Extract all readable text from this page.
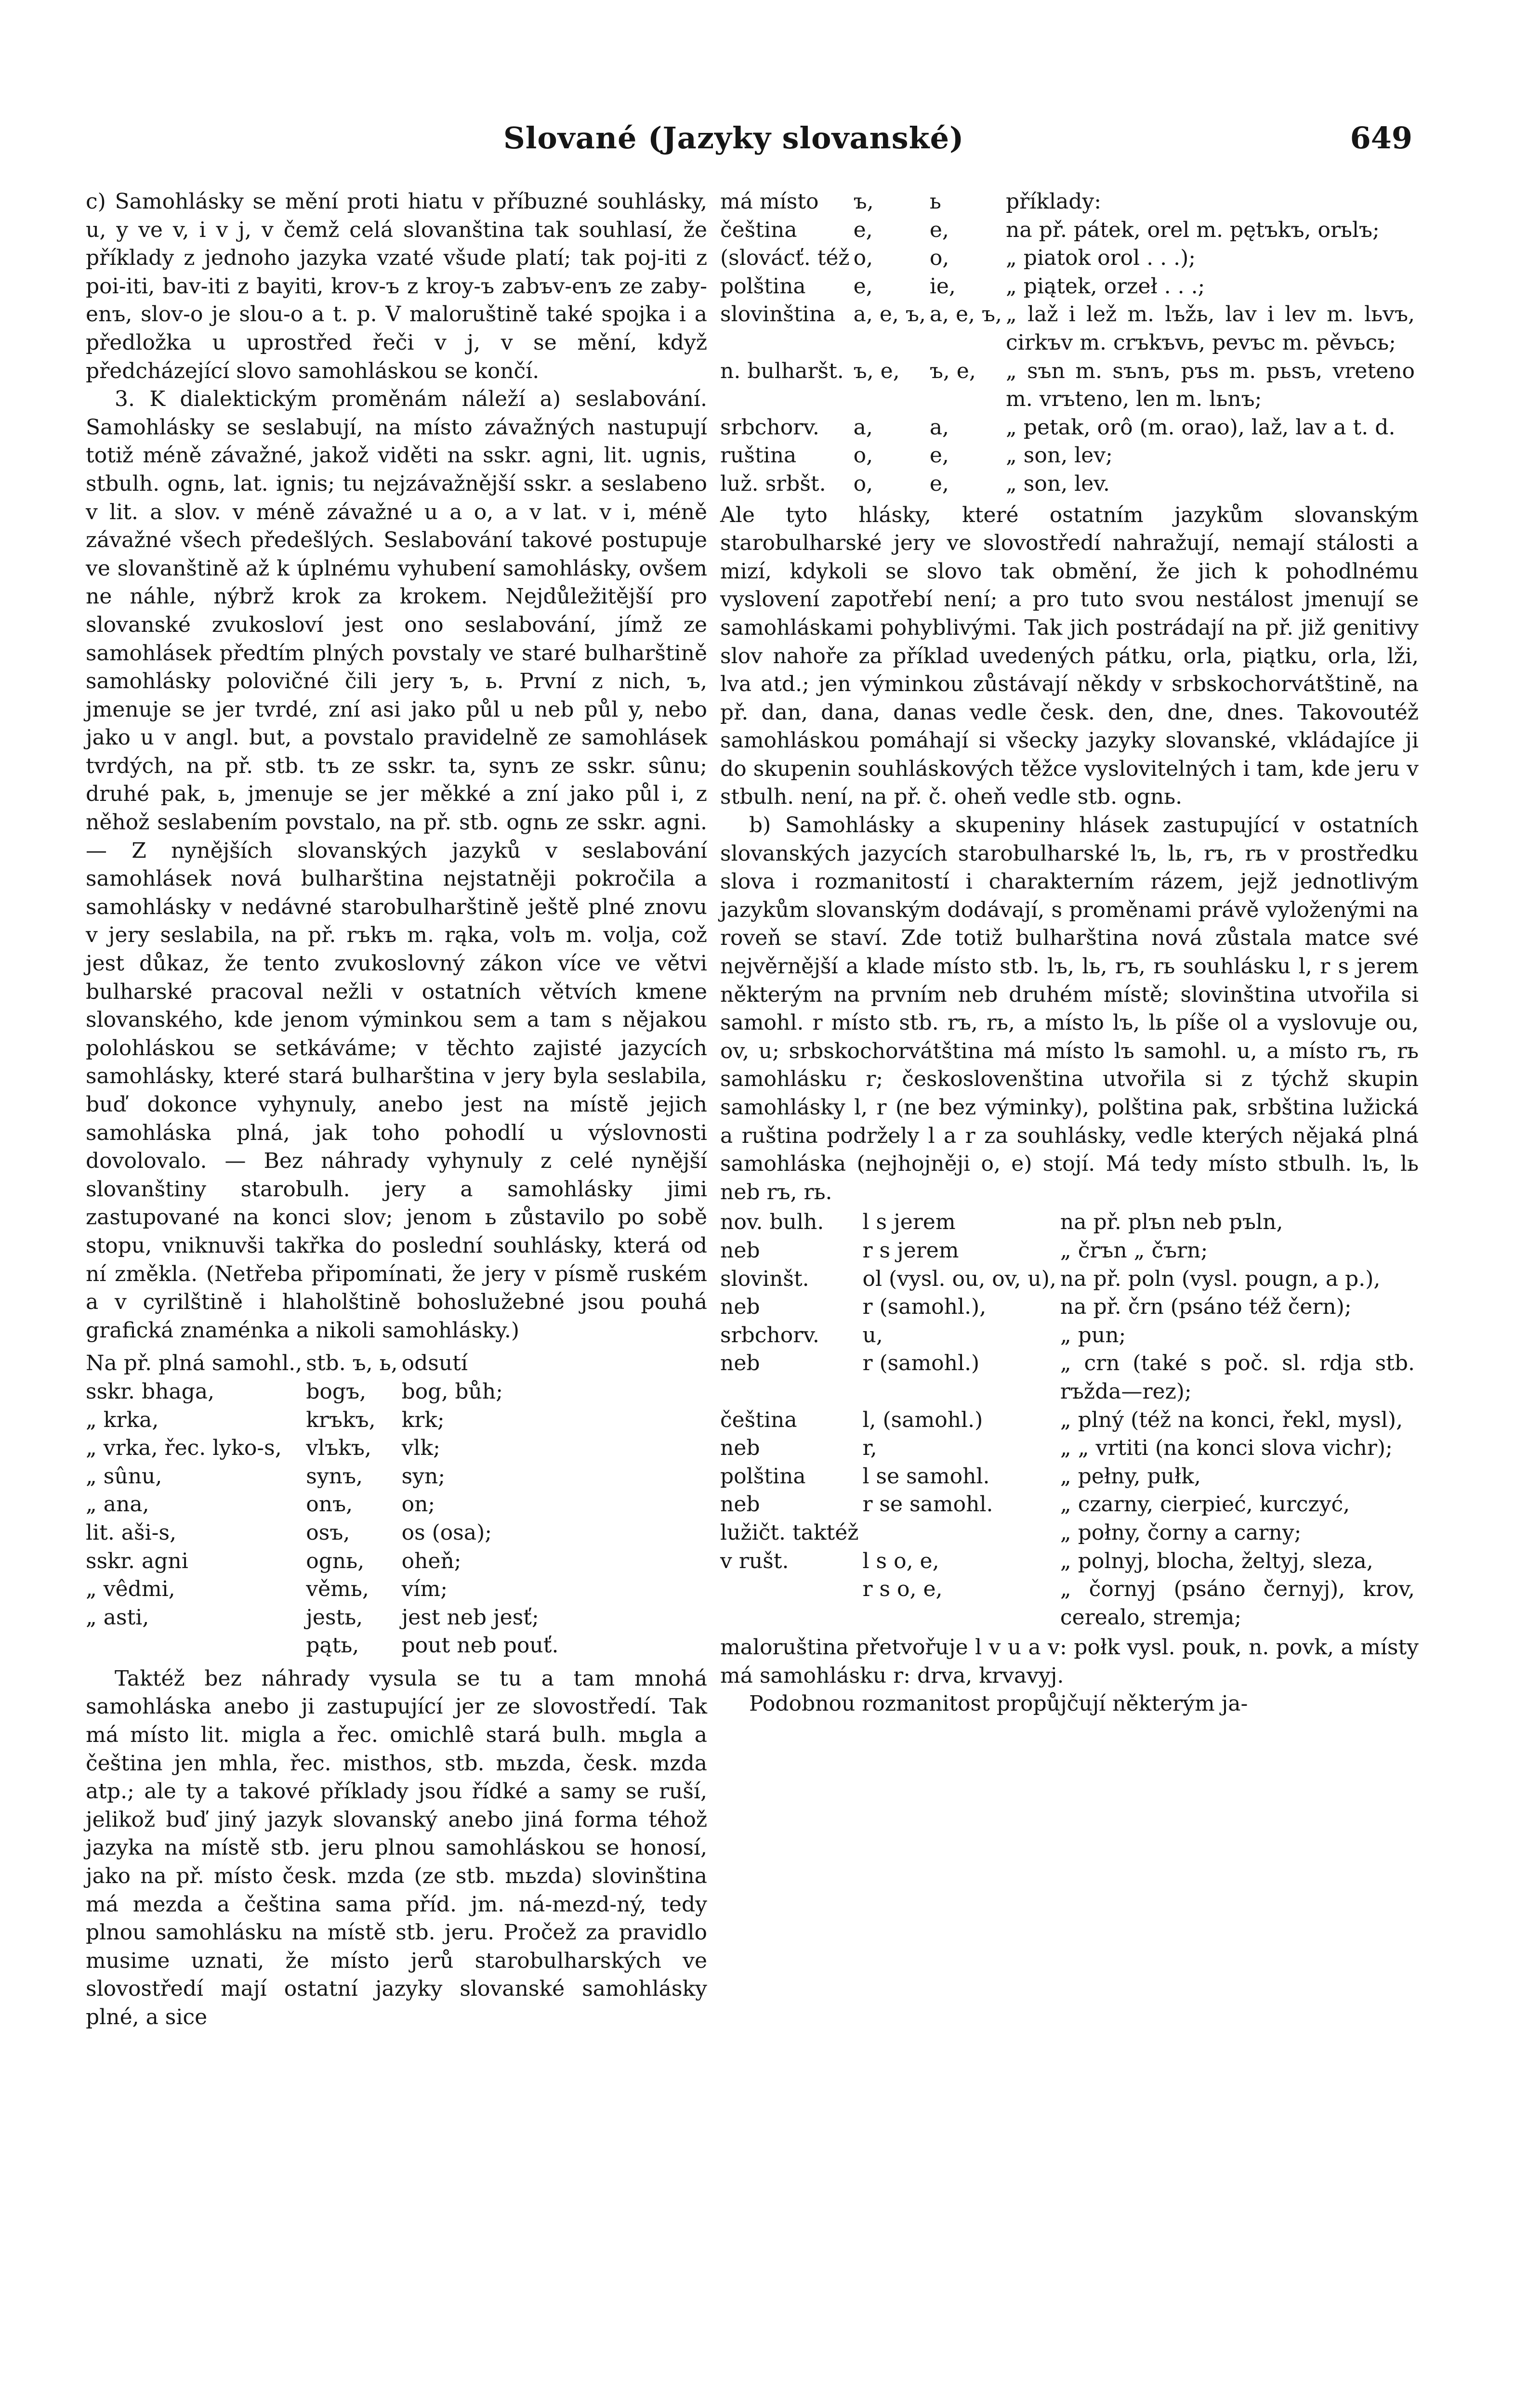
Slované (Jazyky slovanské)	649

c) Samohlásky se mění proti hiatu v příbuzné souhlásky, u, y ve v, i v j, v čemž celá slovanština tak souhlasí, že příklady z jednoho jazyka vzaté všude platí; tak poj-iti z poi-iti, bav-iti z bayiti, krov-ъ z kroy-ъ zabъv-enъ ze zaby-enъ, slov-o je slou-o a t. p. V maloruštině také spojka i a předložka u uprostřed řeči v j, v se mění, když předcházející slovo samohláskou se končí.

3. K dialektickým proměnám náleží a) seslabování. Samohlásky se seslabují, na místo závažných nastupují totiž méně závažné, jakož viděti na sskr. agni, lit. ugnis, stbulh. ognь, lat. ignis; tu nejzávažnější sskr. a seslabeno v lit. a slov. v méně závažné u a o, a v lat. v i, méně závažné všech předešlých. Seslabování takové postupuje ve slovanštině až k úplnému vyhubení samohlásky, ovšem ne náhle, nýbrž krok za krokem. Nejdůležitější pro slovanské zvukosloví jest ono seslabování, jímž ze samohlásek předtím plných povstaly ve staré bulharštině samohlásky polovičné čili jery ъ, ь. První z nich, ъ, jmenuje se jer tvrdé, zní asi jako půl u neb půl y, nebo jako u v angl. but, a povstalo pravidelně ze samohlásek tvrdých, na př. stb. tъ ze sskr. ta, synъ ze sskr. sûnu; druhé pak, ь, jmenuje se jer měkké a zní jako půl i, z něhož seslabením povstalo, na př. stb. ognь ze sskr. agni. — Z nynějších slovanských jazyků v seslabování samohlásek nová bulharština nejstatněji pokročila a samohlásky v nedávné starobulharštině ještě plné znovu v jery seslabila, na př. rъkъ m. rąka, volъ m. volja, což jest důkaz, že tento zvukoslovný zákon více ve větvi bulharské pracoval nežli v ostatních větvích kmene slovanského, kde jenom výminkou sem a tam s nějakou polohláskou se setkáváme; v těchto zajisté jazycích samohlásky, které stará bulharština v jery byla seslabila, buď dokonce vyhynuly, anebo jest na místě jejich samohláska plná, jak toho pohodlí u výslovnosti dovolovalo. — Bez náhrady vyhynuly z celé nynější slovanštiny starobulh. jery a samohlásky jimi zastupované na konci slov; jenom ь zůstavilo po sobě stopu, vniknuvši takřka do poslední souhlásky, která od ní změkla. (Netřeba připomínati, že jery v písmě ruském a v cyrilštině i hlaholštině bohoslužebné jsou pouhá grafická znaménka a nikoli samohlásky.)

Na př. plná samohl.,	stb. ъ, ь,	odsutí
sskr. bhaga,	bogъ,	bog, bůh;
„ krka,	krъkъ,	krk;
„ vrka, řec. lyko-s,	vlъkъ,	vlk;
„ sûnu,	synъ,	syn;
„ ana,	onъ,	on;
lit. aši-s,	osъ,	os (osa);
sskr. agni	ognь,	oheň;
„ vêdmi,	věmь,	vím;
„ asti,	jestь,	jest neb jesť;
	pątь,	pout neb pouť.

Taktéž bez náhrady vysula se tu a tam mnohá samohláska anebo ji zastupující jer ze slovostředí. Tak má místo lit. migla a řec. omichlê stará bulh. mьgla a čeština jen mhla, řec. misthos, stb. mьzda, česk. mzda atp.; ale ty a takové příklady jsou řídké a samy se ruší, jelikož buď jiný jazyk slovanský anebo jiná forma téhož jazyka na místě stb. jeru plnou samohláskou se honosí, jako na př. místo česk. mzda (ze stb. mьzda) slovinština má mezda a čeština sama příd. jm. ná-mezd-ný, tedy plnou samohlásku na místě stb. jeru. Pročež za pravidlo musime uznati, že místo jerů starobulharských ve slovostředí mají ostatní jazyky slovanské samohlásky plné, a sice

má místo	ъ,	ь	příklady:
čeština	e,	e,	na př. pátek, orel m. pętъkъ, orьlъ;
(slovácť. též	o,	o,	„ piatok orol . . .);
polština	e,	ie,	„ piątek, orzeł . . .;
slovinština	a, e, ъ,	a, e, ъ,	„ laž i lež m. lъžь, lav i lev m. lьvъ, cirkъv m. crъkъvь, pevъc m. pěvьcь;
n. bulharšt.	ъ, e,	ъ, e,	„ sъn m. sъnъ, pъs m. pьsъ, vreteno m. vrъteno, len m. lьnъ;
srbchorv.	a,	a,	„ petak, orô (m. orao), laž, lav a t. d.
ruština	o,	e,	„ son, lev;
luž. srbšt.	o,	e,	„ son, lev.

Ale tyto hlásky, které ostatním jazykům slovanským starobulharské jery ve slovostředí nahražují, nemají stálosti a mizí, kdykoli se slovo tak obmění, že jich k pohodlnému vyslovení zapotřebí není; a pro tuto svou nestálost jmenují se samohláskami pohyblivými. Tak jich postrádají na př. již genitivy slov nahoře za příklad uvedených pátku, orla, piątku, orla, lži, lva atd.; jen výminkou zůstávají někdy v srbskochorvátštině, na př. dan, dana, danas vedle česk. den, dne, dnes. Takovoutéž samohláskou pomáhají si všecky jazyky slovanské, vkládajíce ji do skupenin souhláskových těžce vyslovitelných i tam, kde jeru v stbulh. není, na př. č. oheň vedle stb. ognь.

b) Samohlásky a skupeniny hlásek zastupující v ostatních slovanských jazycích starobulharské lъ, lь, rъ, rь v prostředku slova i rozmanitostí i charakterním rázem, jejž jednotlivým jazykům slovanským dodávají, s proměnami právě vyloženými na roveň se staví. Zde totiž bulharština nová zůstala matce své nejvěrnější a klade místo stb. lъ, lь, rъ, rь souhlásku l, r s jerem některým na prvním neb druhém místě; slovinština utvořila si samohl. r místo stb. rъ, rь, a místo lъ, lь píše ol a vyslovuje ou, ov, u; srbskochorvátština má místo lъ samohl. u, a místo rъ, rь samohlásku r; českoslovenština utvořila si z týchž skupin samohlásky l, r (ne bez výminky), polština pak, srbština lužická a ruština podržely l a r za souhlásky, vedle kterých nějaká plná samohláska (nejhojněji o, e) stojí. Má tedy místo stbulh. lъ, lь neb rъ, rь.

nov. bulh.	l s jerem	na př. plъn neb pъln,
neb	r s jerem	„ črъn „ čъrn;
slovinšt.	ol (vysl. ou, ov, u),	na př. poln (vysl. pougn, a p.),
neb	r (samohl.),	na př. črn (psáno též čern);
srbchorv.	u,	„ pun;
neb	r (samohl.)	„ crn (také s poč. sl. rdja stb. rъžda—rez);
čeština	l, (samohl.)	„ plný (též na konci, řekl, mysl),
neb	r,	„ „ vrtiti (na konci slova vichr);
polština	l se samohl.	„ pełny, pułk,
neb	r se samohl.	„ czarny, cierpieć, kurczyć,
lužičt. taktéž		„ połny, čorny a carny;
v rušt.	l s o, e,	„ polnyj, blocha, želtyj, sleza,
	r s o, e,	„ čornyj (psáno černyj), krov, cerealo, stremja;

maloruština přetvořuje l v u a v: połk vysl. pouk, n. povk, a místy má samohlásku r: drva, krvavyj.

Podobnou rozmanitost propůjčují některým ja-
